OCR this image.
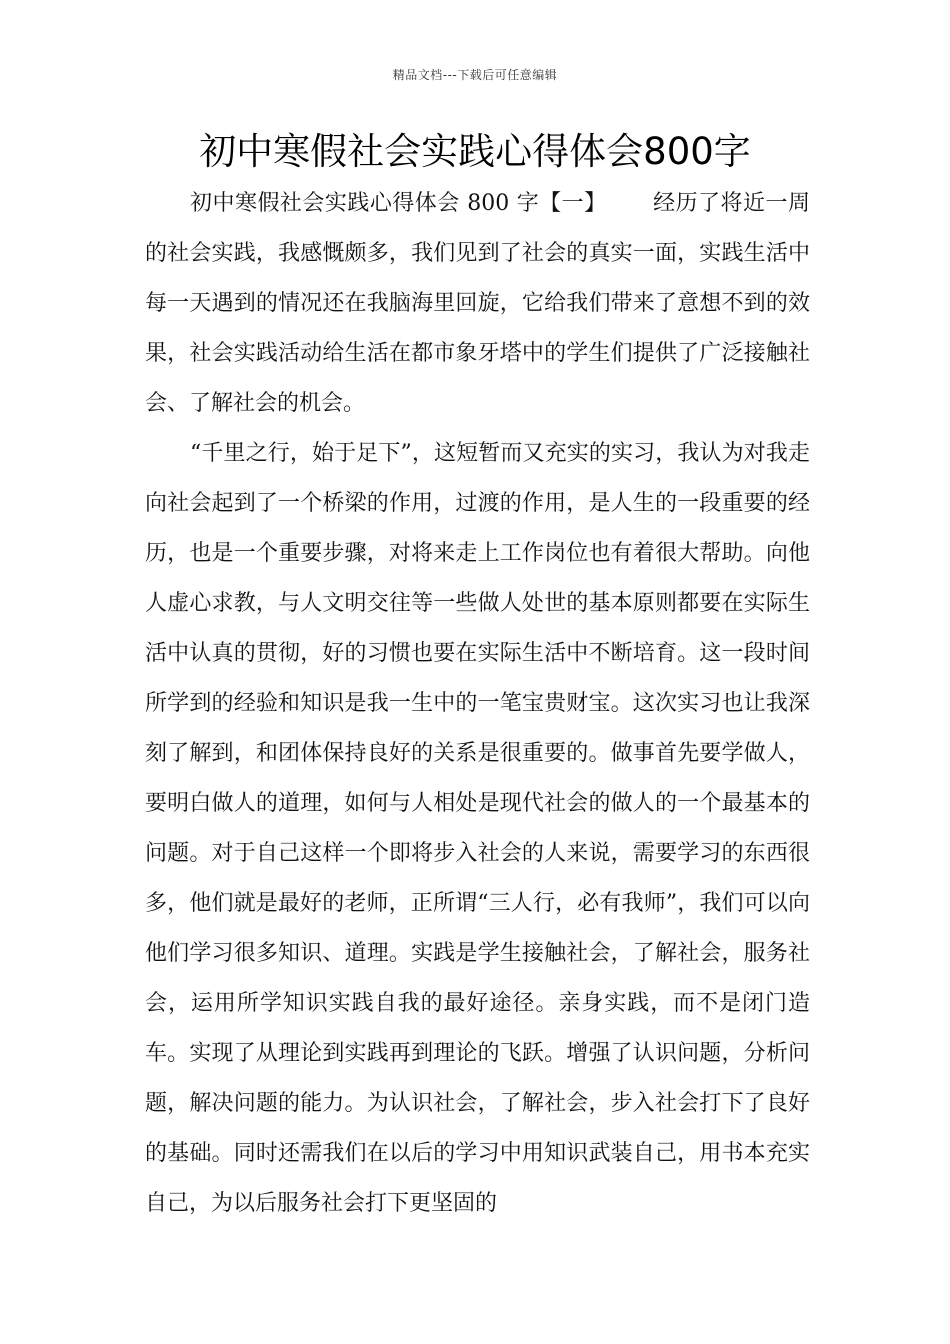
精品文档---下载后可任意编辑
初中寒假社会实践心得体会800字

初中寒假社会实践心得体会 800 字【一】 经历了将近一周的社会实践，我感慨颇多，我们见到了社会的真实一面，实践生活中每一天遇到的情况还在我脑海里回旋，它给我们带来了意想不到的效果，社会实践活动给生活在都市象牙塔中的学生们提供了广泛接触社会、了解社会的机会。

“千里之行，始于足下”，这短暂而又充实的实习，我认为对我走向社会起到了一个桥梁的作用，过渡的作用，是人生的一段重要的经历，也是一个重要步骤，对将来走上工作岗位也有着很大帮助。向他人虚心求教，与人文明交往等一些做人处世的基本原则都要在实际生活中认真的贯彻，好的习惯也要在实际生活中不断培育。这一段时间所学到的经验和知识是我一生中的一笔宝贵财宝。这次实习也让我深刻了解到，和团体保持良好的关系是很重要的。做事首先要学做人，要明白做人的道理，如何与人相处是现代社会的做人的一个最基本的问题。对于自己这样一个即将步入社会的人来说，需要学习的东西很多，他们就是最好的老师，正所谓“三人行，必有我师”，我们可以向他们学习很多知识、道理。实践是学生接触社会，了解社会，服务社会，运用所学知识实践自我的最好途径。亲身实践，而不是闭门造车。实现了从理论到实践再到理论的飞跃。增强了认识问题，分析问题，解决问题的能力。为认识社会，了解社会，步入社会打下了良好的基础。同时还需我们在以后的学习中用知识武装自己，用书本充实自己，为以后服务社会打下更坚固的
